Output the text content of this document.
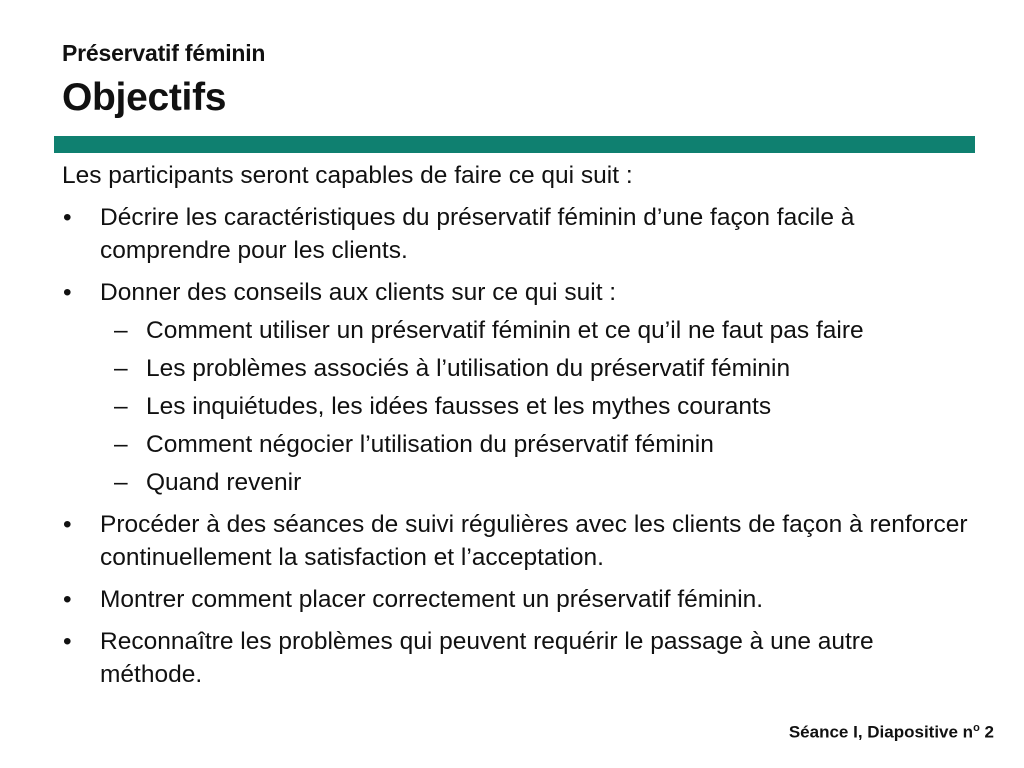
Préservatif féminin
Objectifs

Les participants seront capables de faire ce qui suit :

• Décrire les caractéristiques du préservatif féminin d’une façon facile à comprendre pour les clients.
• Donner des conseils aux clients sur ce qui suit :
– Comment utiliser un préservatif féminin et ce qu’il ne faut pas faire
– Les problèmes associés à l’utilisation du préservatif féminin
– Les inquiétudes, les idées fausses et les mythes courants
– Comment négocier l’utilisation du préservatif féminin
– Quand revenir
• Procéder à des séances de suivi régulières avec les clients de façon à renforcer continuellement la satisfaction et l’acceptation.
• Montrer comment placer correctement un préservatif féminin.
• Reconnaître les problèmes qui peuvent requérir le passage à une autre méthode.
Séance I, Diapositive $n^o$ 2
